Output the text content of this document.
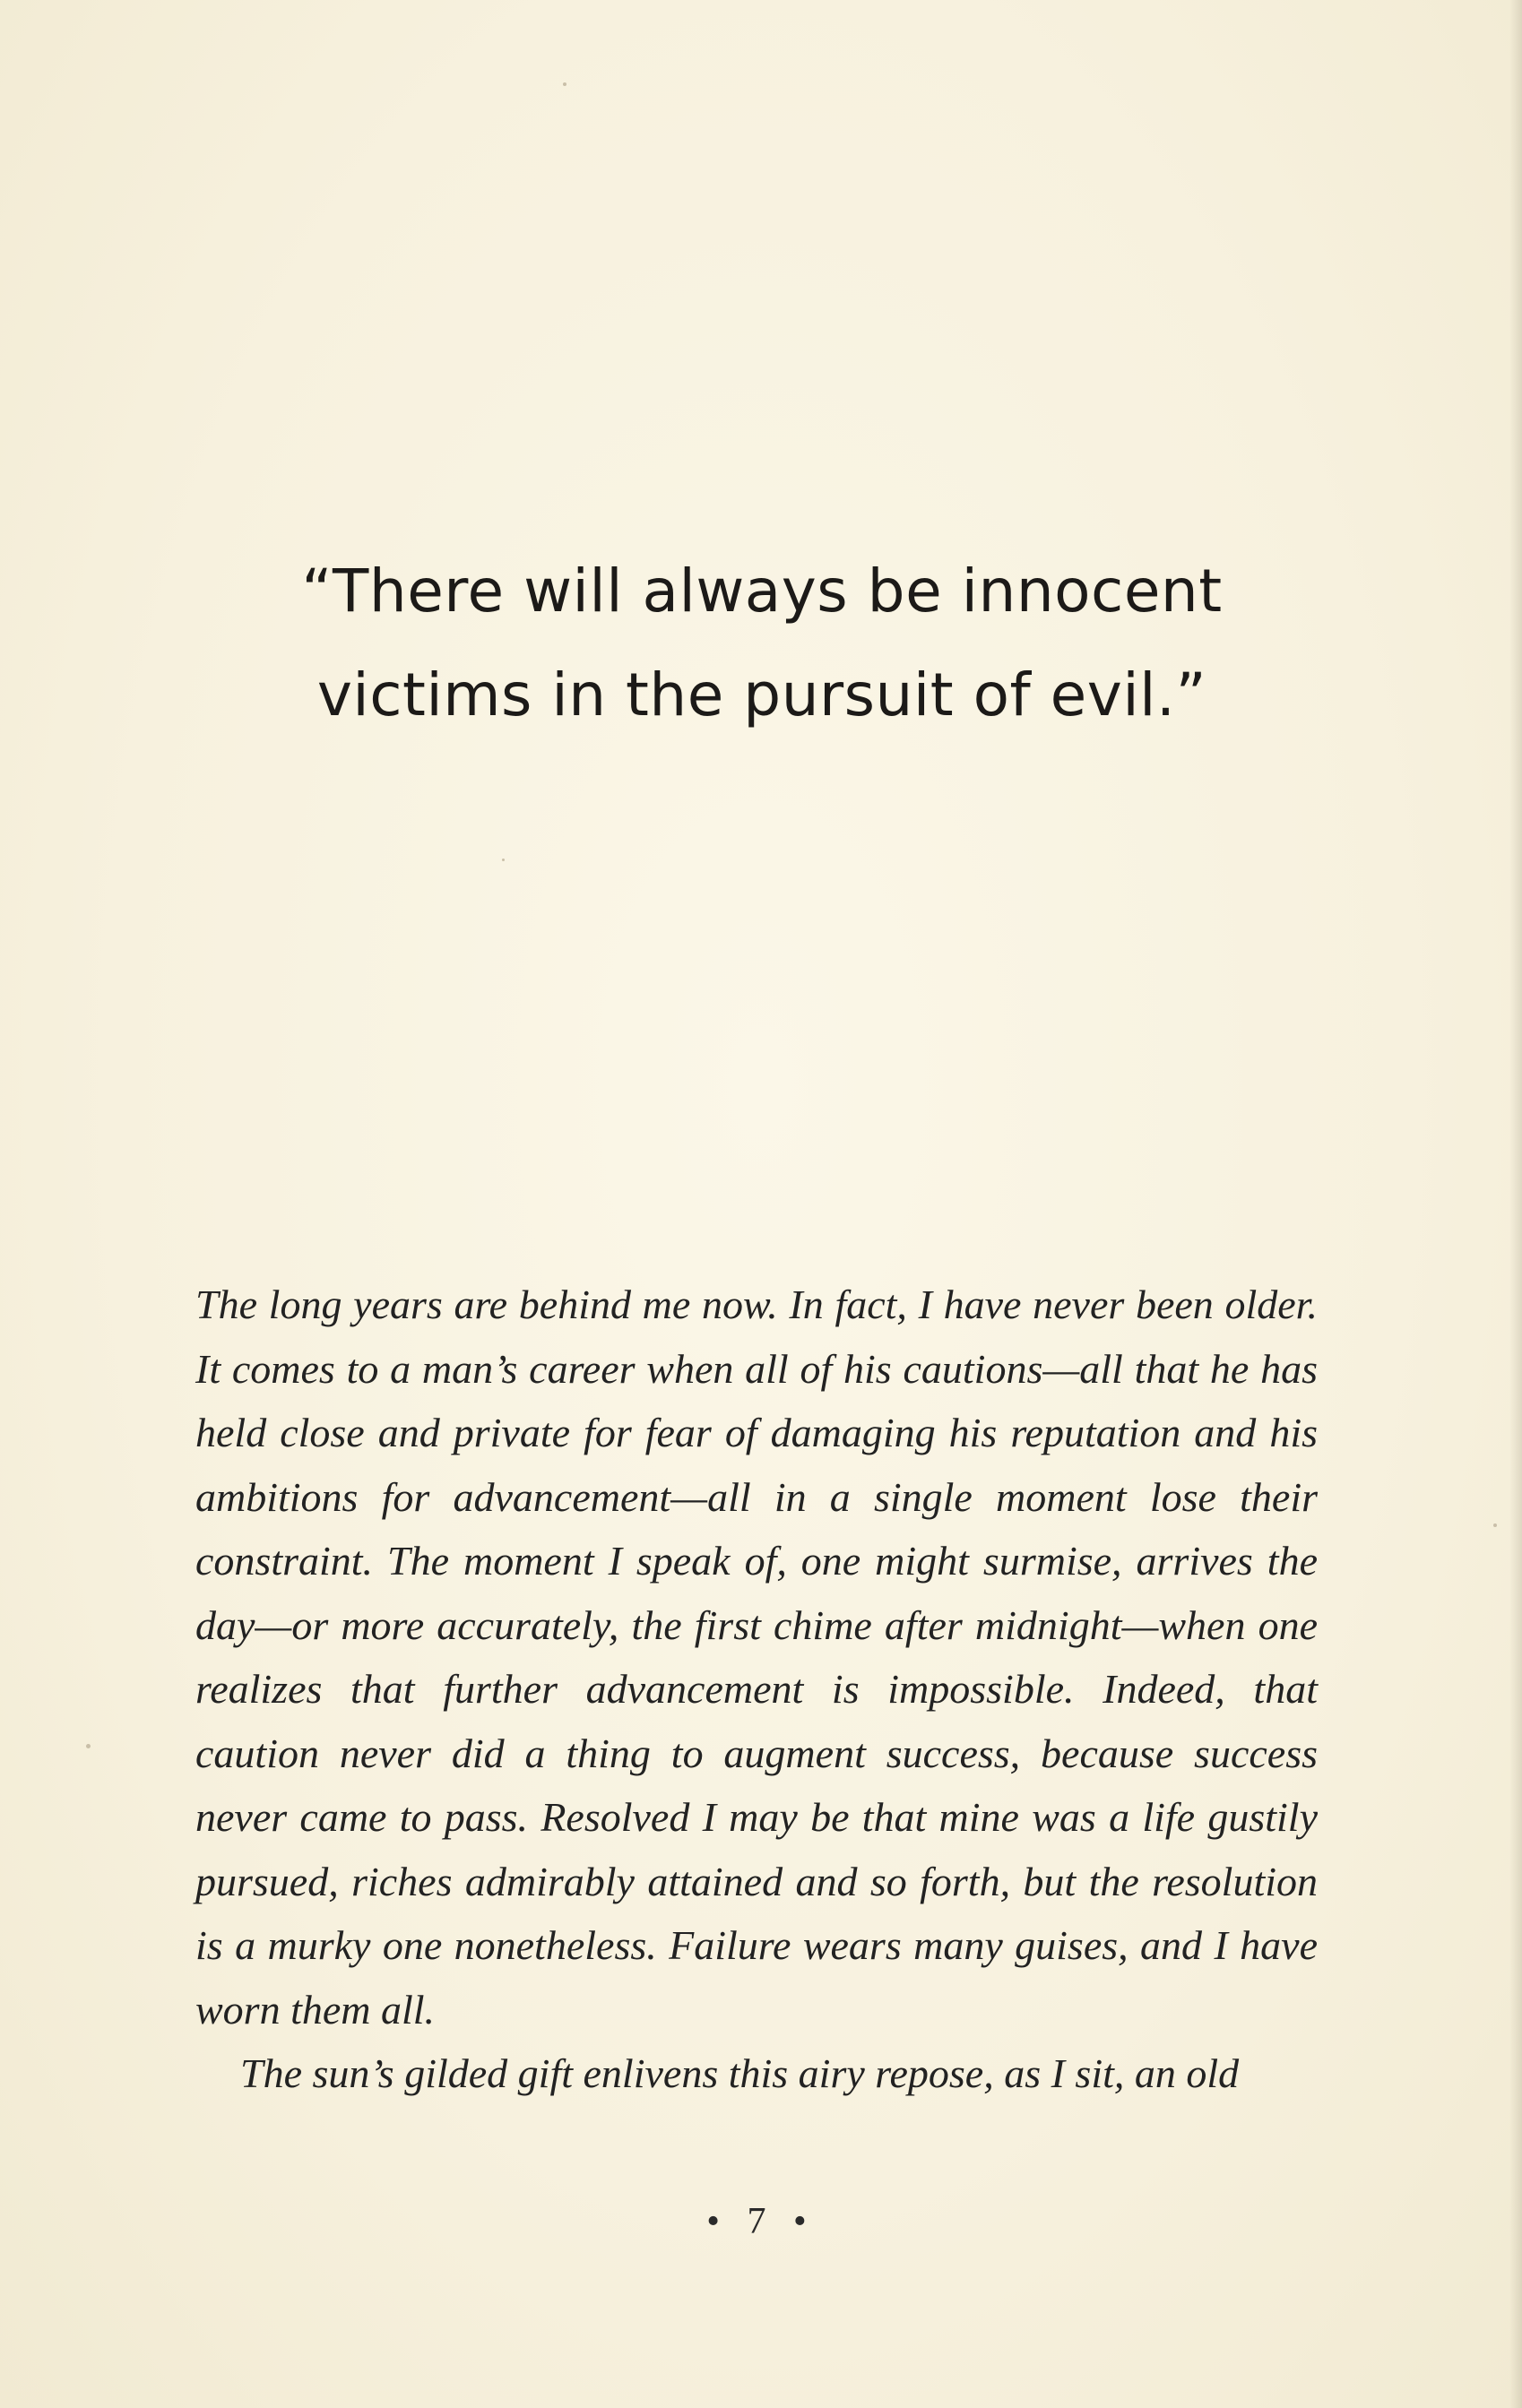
“There will always be innocent
victims in the pursuit of evil.”

The long years are behind me now. In fact, I have never been older. It comes to a man’s career when all of his cautions—all that he has held close and private for fear of damaging his reputation and his ambitions for advancement—all in a single moment lose their constraint. The moment I speak of, one might surmise, arrives the day—or more accurately, the first chime after midnight—when one realizes that further advancement is impossible. Indeed, that caution never did a thing to augment success, because success never came to pass. Resolved I may be that mine was a life gustily pursued, riches admirably attained and so forth, but the resolution is a murky one nonetheless. Failure wears many guises, and I have worn them all.

The sun’s gilded gift enlivens this airy repose, as I sit, an old

• 7 •
